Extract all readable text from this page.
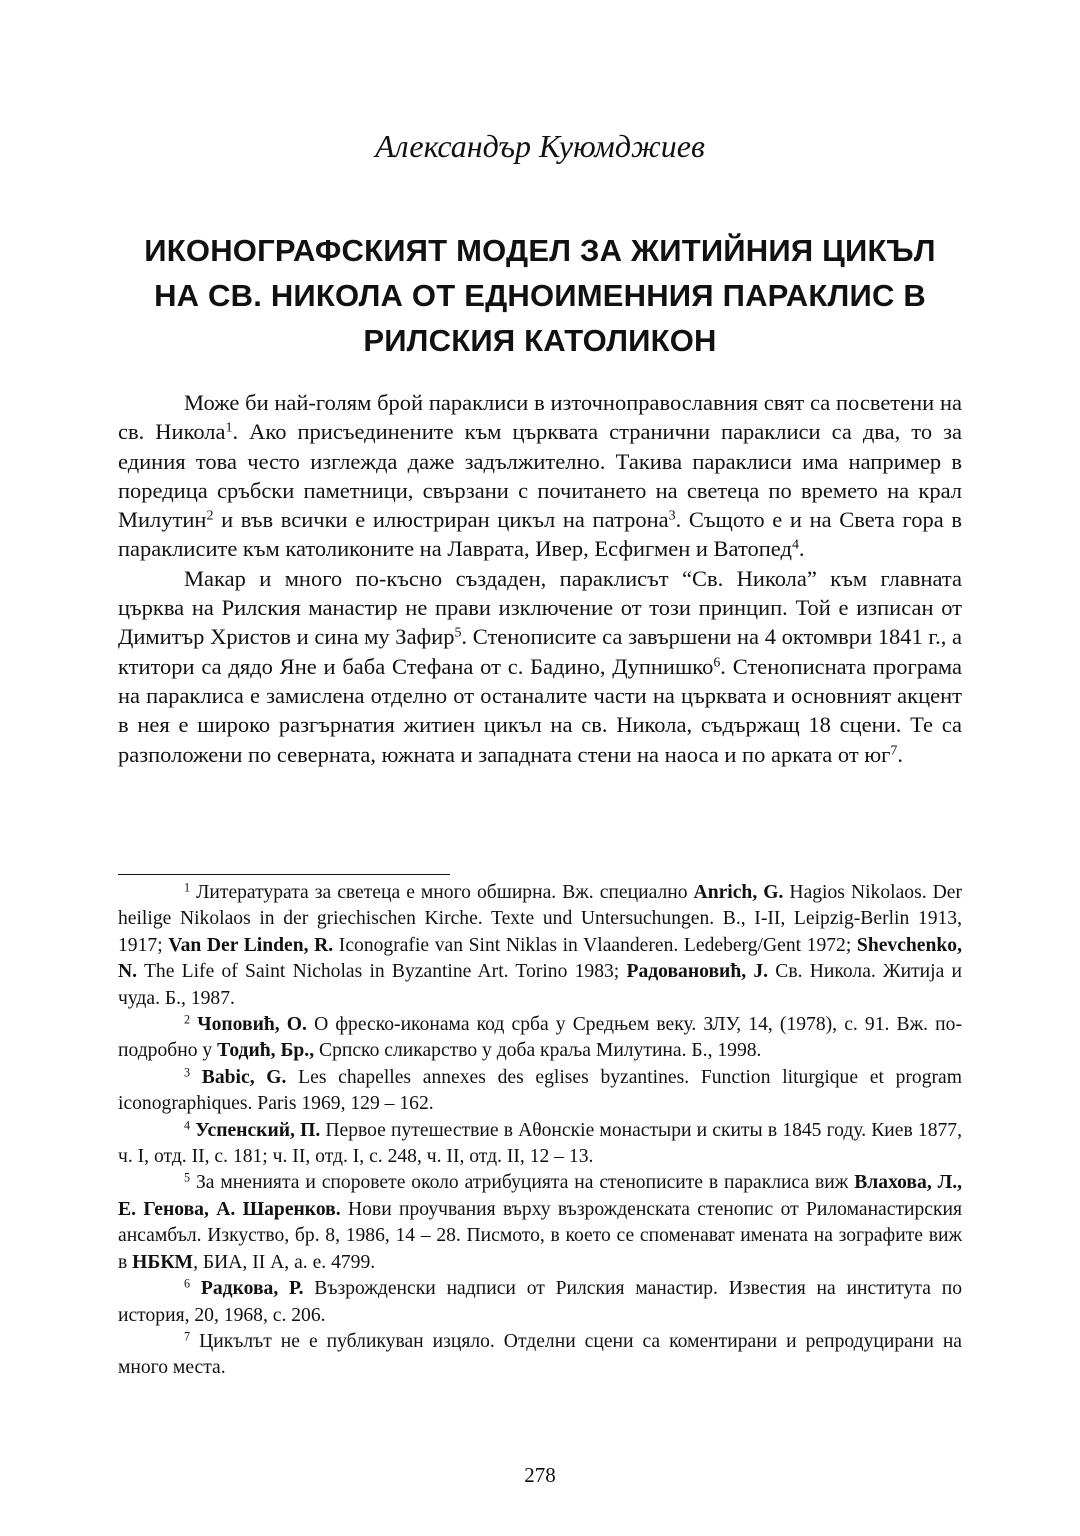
Александър Куюмджиев
ИКОНОГРАФСКИЯТ МОДЕЛ ЗА ЖИТИЙНИЯ ЦИКЪЛ
НА СВ. НИКОЛА ОТ ЕДНОИМЕННИЯ ПАРАКЛИС В
РИЛСКИЯ КАТОЛИКОН

Може би най-голям брой параклиси в източноправославния свят са посветени на св. Никола$^1$. Ако присъединените към църквата странични параклиси са два, то за единия това често изглежда даже задължително. Такива параклиси има например в поредица сръбски паметници, свързани с почитането на светеца по времето на крал Милутин$^2$ и във всички е илюстриран цикъл на патрона$^3$. Същото е и на Света гора в параклисите към католиконите на Лаврата, Ивер, Есфигмен и Ватопед$^4$.

Макар и много по-късно създаден, параклисът “Св. Никола” към главната църква на Рилския манастир не прави изключение от този принцип. Той е изписан от Димитър Христов и сина му Зафир$^5$. Стенописите са завършени на 4 октомври 1841 г., а ктитори са дядо Яне и баба Стефана от с. Бадино, Дупнишко$^6$. Стенописната програма на параклиса е замислена отделно от останалите части на църквата и основният акцент в нея е широко разгърнатия житиен цикъл на св. Никола, съдържащ 18 сцени. Те са разположени по северната, южната и западната стени на наоса и по арката от $юг^7$.

$^1$ Литературата за светеца е много обширна. Вж. специално Anrich, G. Hagios Nikolaos. Der heilige Nikolaos in der griechischen Kirche. Texte und Untersuchungen. B., I-II, Leipzig-Berlin 1913, 1917; Van Der Linden, R. Iconografie van Sint Niklas in Vlaanderen. Ledeberg/Gent 1972; Shevchenko, N. The Life of Saint Nicholas in Byzantine Art. Torino 1983; Радовановић, J. Св. Никола. Житија и чуда. Б., 1987.

$^2$ Чоповић, О. О фреско-иконама код срба у Средњем веку. ЗЛУ, 14, (1978), с. 91. Вж. по-подробно у Тодић, Бр., Српско сликарство у доба краља Милутина. Б., 1998.

$^3$ Babic, G. Les chapelles annexes des eglises byzantines. Function liturgique et program iconographiques. Paris 1969, 129 – 162.

$^4$ Успенский, П. Первое путешествие в Аθонскiе монастыри и скиты в 1845 году. Киев 1877, ч. I, отд. II, с. 181; ч. II, отд. I, с. 248, ч. II, отд. II, 12 – 13.

$^5$ За мненията и споровете около атрибуцията на стенописите в параклиса виж Влахова, Л., Е. Генова, А. Шаренков. Нови проучвания върху възрожденската стенопис от Риломанастирския ансамбъл. Изкуство, бр. 8, 1986, 14 – 28. Писмото, в което се споменават имената на зографите виж в НБКМ, БИА, II А, а. е. 4799.

$^6$ Радкова, Р. Възрожденски надписи от Рилския манастир. Известия на института по история, 20, 1968, с. 206.

$^7$ Цикълът не е публикуван изцяло. Отделни сцени са коментирани и репродуцирани на много места.

278
